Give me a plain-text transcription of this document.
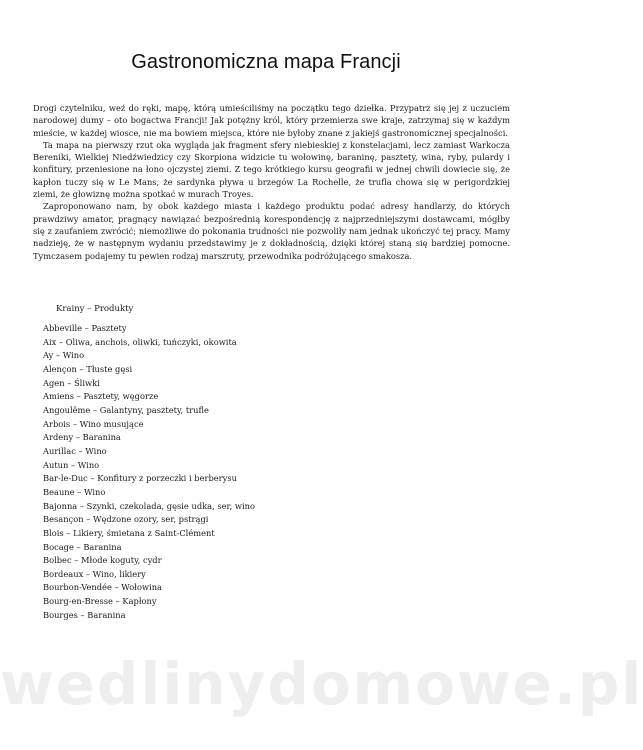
Gastronomiczna mapa Francji

Drogi czytelniku, weź do ręki, mapę, którą umieściliśmy na początku tego dziełka. Przypatrz się jej z uczuciem narodowej dumy – oto bogactwa Francji! Jak potężny król, który przemierza swe kraje, zatrzymaj się w każdym mieście, w każdej wiosce, nie ma bowiem miejsca, które nie byłoby znane z jakiejś gastronomicznej specjalności.

Ta mapa na pierwszy rzut oka wygląda jak fragment sfery niebieskiej z konstelacjami, lecz zamiast Warkocza Bereniki, Wielkiej Niedźwiedzicy czy Skorpiona widzicie tu wołowinę, baraninę, pasztety, wina, ryby, pulardy i konfitury, przeniesione na łono ojczystej ziemi. Z tego krótkiego kursu geografii w jednej chwili dowiecie się, że kapłon tuczy się w Le Mans, że sardynka pływa u brzegów La Rochelle, że trufla chowa się w perigordzkiej ziemi, że głowiznę można spotkać w murach Troyes.

Zaproponowano nam, by obok każdego miasta i każdego produktu podać adresy handlarzy, do których prawdziwy amator, pragnący nawiązać bezpośrednią korespondencję z najprzedniejszymi dostawcami, mógłby się z zaufaniem zwrócić; niemożliwe do pokonania trudności nie pozwoliły nam jednak ukończyć tej pracy. Mamy nadzieję, że w następnym wydaniu przedstawimy je z dokładnością, dzięki której staną się bardziej pomocne. Tymczasem podajemy tu pewien rodzaj marszruty, przewodnika podróżującego smakosza.

Krainy – Produkty
Abbeville – Pasztety
Aix – Oliwa, anchois, oliwki, tuńczyki, okowita
Ay – Wino
Alençon – Tłuste gęsi
Agen – Śliwki
Amiens – Pasztety, węgorze
Angoulême – Galantyny, pasztety, trufle
Arbois – Wino musujące
Ardeny – Baranina
Aurillac – Wino
Autun – Wino
Bar-le-Duc – Konfitury z porzeczki i berberysu
Beaune – Wino
Bajonna – Szynki, czekolada, gęsie udka, ser, wino
Besançon – Wędzone ozory, ser, pstrągi
Blois – Likiery, śmietana z Saint-Clément
Bocage – Baranina
Bolbec – Młode koguty, cydr
Bordeaux – Wino, likiery
Bourbon-Vendée – Wołowina
Bourg-en-Bresse – Kapłony
Bourges – Baranina
wedlinydomowe.pl
